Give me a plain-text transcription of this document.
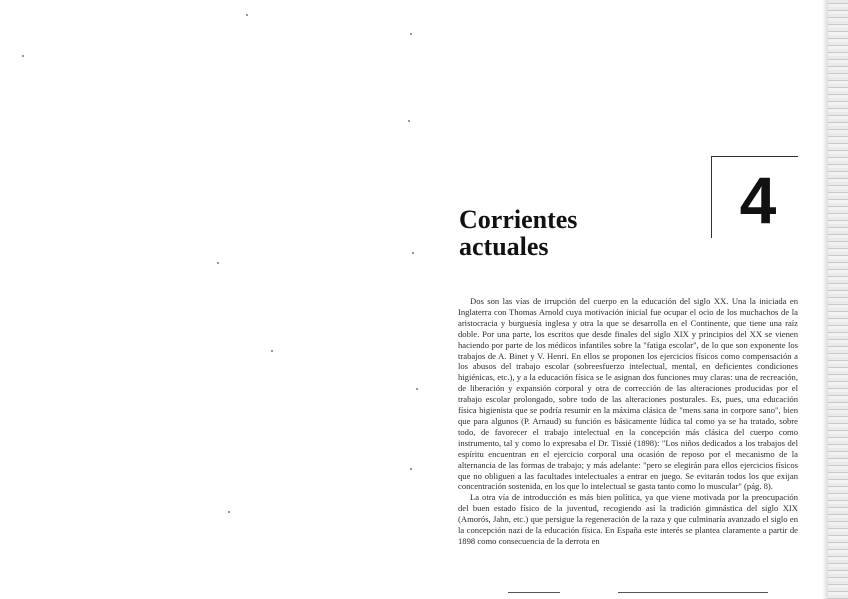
4
Corrientes
actuales

Dos son las vías de irrupción del cuerpo en la educación del siglo XX. Una la iniciada en Inglaterra con Thomas Arnold cuya motivación inicial fue ocupar el ocio de los muchachos de la aristocracia y burguesía inglesa y otra la que se desarrolla en el Continente, que tiene una raíz doble. Por una parte, los escritos que desde finales del siglo XIX y principios del XX se vienen haciendo por parte de los médicos infantiles sobre la "fatiga escolar", de lo que son exponente los trabajos de A. Binet y V. Henri. En ellos se proponen los ejercicios físicos como compensación a los abusos del trabajo escolar (sobreesfuerzo intelectual, mental, en deficientes condiciones higiénicas, etc.), y a la educación física se le asignan dos funciones muy claras: una de recreación, de liberación y expansión corporal y otra de corrección de las alteraciones producidas por el trabajo escolar prolongado, sobre todo de las alteraciones posturales. Es, pues, una educación física higienista que se podría resumir en la máxima clásica de "mens sana in corpore sano", bien que para algunos (P. Arnaud) su función es básicamente lúdica tal como ya se ha tratado, sobre todo, de favorecer el trabajo intelectual en la concepción más clásica del cuerpo como instrumento, tal y como lo expresaba el Dr. Tissié (1898): "Los niños dedicados a los trabajos del espíritu encuentran en el ejercicio corporal una ocasión de reposo por el mecanismo de la alternancia de las formas de trabajo; y más adelante: "pero se elegirán para ellos ejercicios físicos que no obliguen a las facultades intelectuales a entrar en juego. Se evitarán todos los que exijan concentración sostenida, en los que lo intelectual se gasta tanto como lo muscular" (pág. 8).

La otra vía de introducción es más bien política, ya que viene motivada por la preocupación del buen estado físico de la juventud, recogiendo así la tradición gimnástica del siglo XIX (Amorós, Jahn, etc.) que persigue la regeneración de la raza y que culminaría avanzado el siglo en la concepción nazi de la educación física. En España este interés se plantea claramente a partir de 1898 como consecuencia de la derrota en
